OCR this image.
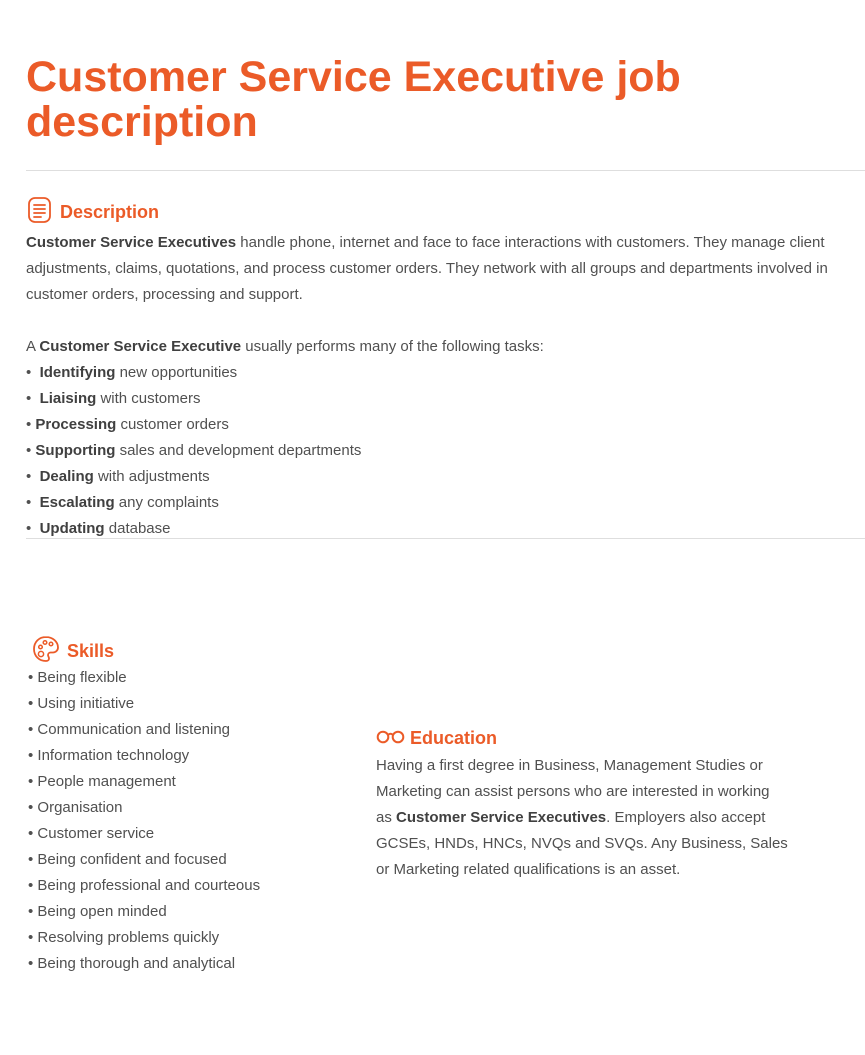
Customer Service Executive job description
Description
Customer Service Executives handle phone, internet and face to face interactions with customers. They manage client adjustments, claims, quotations, and process customer orders. They network with all groups and departments involved in customer orders, processing and support.
A Customer Service Executive usually performs many of the following tasks:
•  Identifying new opportunities
•  Liaising with customers
• Processing customer orders
• Supporting sales and development departments
•  Dealing with adjustments
•  Escalating any complaints
•  Updating database
Skills
• Being flexible
• Using initiative
• Communication and listening
• Information technology
• People management
• Organisation
• Customer service
• Being confident and focused
• Being professional and courteous
• Being open minded
• Resolving problems quickly
• Being thorough and analytical
Education
Having a first degree in Business, Management Studies or Marketing can assist persons who are interested in working as Customer Service Executives. Employers also accept GCSEs, HNDs, HNCs, NVQs and SVQs. Any Business, Sales or Marketing related qualifications is an asset.
